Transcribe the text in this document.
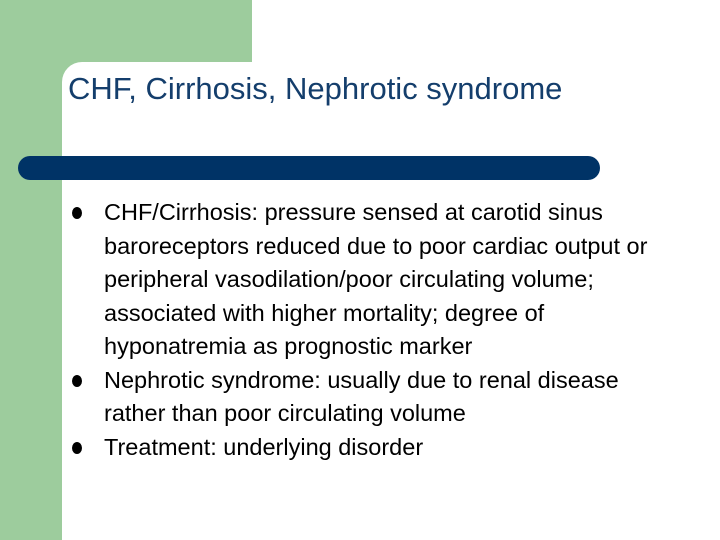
CHF, Cirrhosis, Nephrotic syndrome
CHF/Cirrhosis: pressure sensed at carotid sinus baroreceptors reduced due to poor cardiac output or peripheral vasodilation/poor circulating volume; associated with higher mortality; degree of hyponatremia as prognostic marker
Nephrotic syndrome: usually due to renal disease rather than poor circulating volume
Treatment: underlying disorder
